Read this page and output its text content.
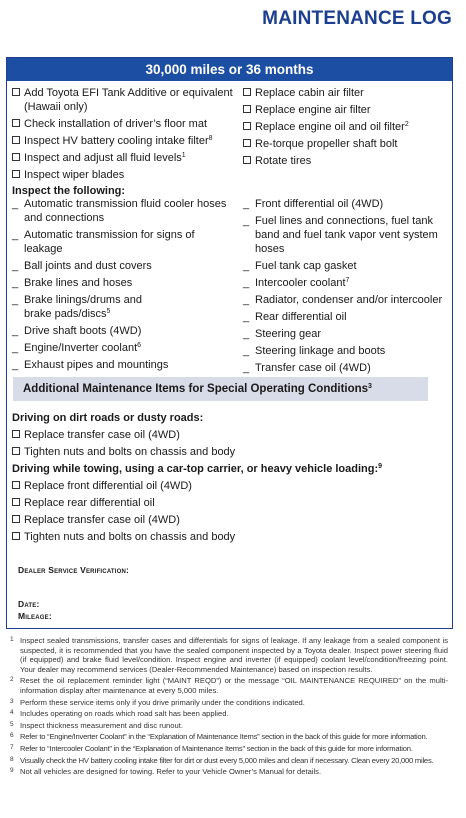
MAINTENANCE LOG
30,000 miles or 36 months
Add Toyota EFI Tank Additive or equivalent (Hawaii only)
Check installation of driver’s floor mat
Inspect HV battery cooling intake filter$^8$
Inspect and adjust all fluid levels$^1$
Inspect wiper blades
Replace cabin air filter
Replace engine air filter
Replace engine oil and oil filter$^2$
Re-torque propeller shaft bolt
Rotate tires
Inspect the following:
_ Automatic transmission fluid cooler hoses and connections
_ Automatic transmission for signs of leakage
_ Ball joints and dust covers
_ Brake lines and hoses
_ Brake linings/drums and brake pads/discs$^5$
_ Drive shaft boots (4WD)
_ Engine/Inverter coolant$^6$
_ Exhaust pipes and mountings
_ Front differential oil (4WD)
_ Fuel lines and connections, fuel tank band and fuel tank vapor vent system hoses
_ Fuel tank cap gasket
_ Intercooler coolant$^7$
_ Radiator, condenser and/or intercooler
_ Rear differential oil
_ Steering gear
_ Steering linkage and boots
_ Transfer case oil (4WD)
Additional Maintenance Items for Special Operating Conditions$^3$
Driving on dirt roads or dusty roads:
Replace transfer case oil (4WD)
Tighten nuts and bolts on chassis and body
Driving while towing, using a car-top carrier, or heavy vehicle loading:$^9$
Replace front differential oil (4WD)
Replace rear differential oil
Replace transfer case oil (4WD)
Tighten nuts and bolts on chassis and body
Dealer Service Verification:
Date:
Mileage:
1 Inspect sealed transmissions, transfer cases and differentials for signs of leakage. If any leakage from a sealed component is suspected, it is recommended that you have the sealed component inspected by a Toyota dealer. Inspect power steering fluid (if equipped) and brake fluid level/condition. Inspect engine and inverter (if equipped) coolant level/condition/freezing point. Your dealer may recommend services (Dealer-Recommended Maintenance) based on inspection results.
2 Reset the oil replacement reminder light (“MAINT REQD”) or the message “OIL MAINTENANCE REQUIRED” on the multi-information display after maintenance at every 5,000 miles.
3 Perform these service items only if you drive primarily under the conditions indicated.
4 Includes operating on roads which road salt has been applied.
5 Inspect thickness measurement and disc runout.
6 Refer to “Engine/Inverter Coolant” in the “Explanation of Maintenance Items” section in the back of this guide for more information.
7 Refer to “Intercooler Coolant” in the “Explanation of Maintenance Items” section in the back of this guide for more information.
8 Visually check the HV battery cooling intake filter for dirt or dust every 5,000 miles and clean if necessary. Clean every 20,000 miles.
9 Not all vehicles are designed for towing. Refer to your Vehicle Owner’s Manual for details.
